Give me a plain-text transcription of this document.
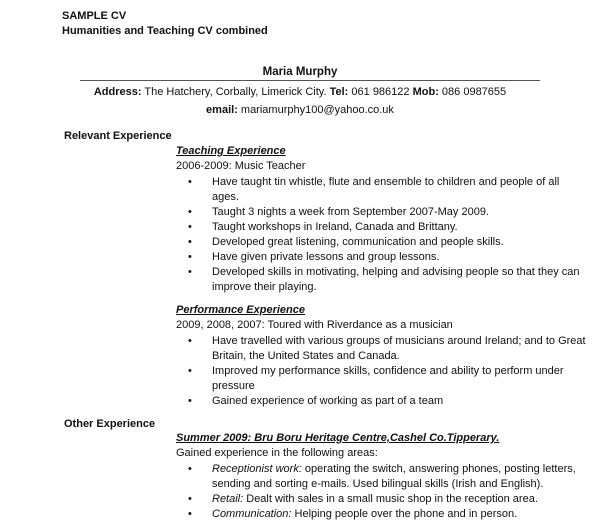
SAMPLE CV
Humanities and Teaching CV combined
Maria Murphy
Address: The Hatchery, Corbally, Limerick City. Tel: 061 986122 Mob: 086 0987655
email: mariamurphy100@yahoo.co.uk
Relevant Experience
Teaching Experience
2006-2009: Music Teacher
• Have taught tin whistle, flute and ensemble to children and people of all ages.
• Taught 3 nights a week from September 2007-May 2009.
• Taught workshops in Ireland, Canada and Brittany.
• Developed great listening, communication and people skills.
• Have given private lessons and group lessons.
• Developed skills in motivating, helping and advising people so that they can improve their playing.
Performance Experience
2009, 2008, 2007: Toured with Riverdance as a musician
• Have travelled with various groups of musicians around Ireland; and to Great Britain, the United States and Canada.
• Improved my performance skills, confidence and ability to perform under pressure
• Gained experience of working as part of a team
Other Experience
Summer 2009: Bru Boru Heritage Centre,Cashel Co.Tipperary.
Gained experience in the following areas:
• Receptionist work: operating the switch, answering phones, posting letters, sending and sorting e-mails. Used bilingual skills (Irish and English).
• Retail: Dealt with sales in a small music shop in the reception area.
• Communication: Helping people over the phone and in person.
